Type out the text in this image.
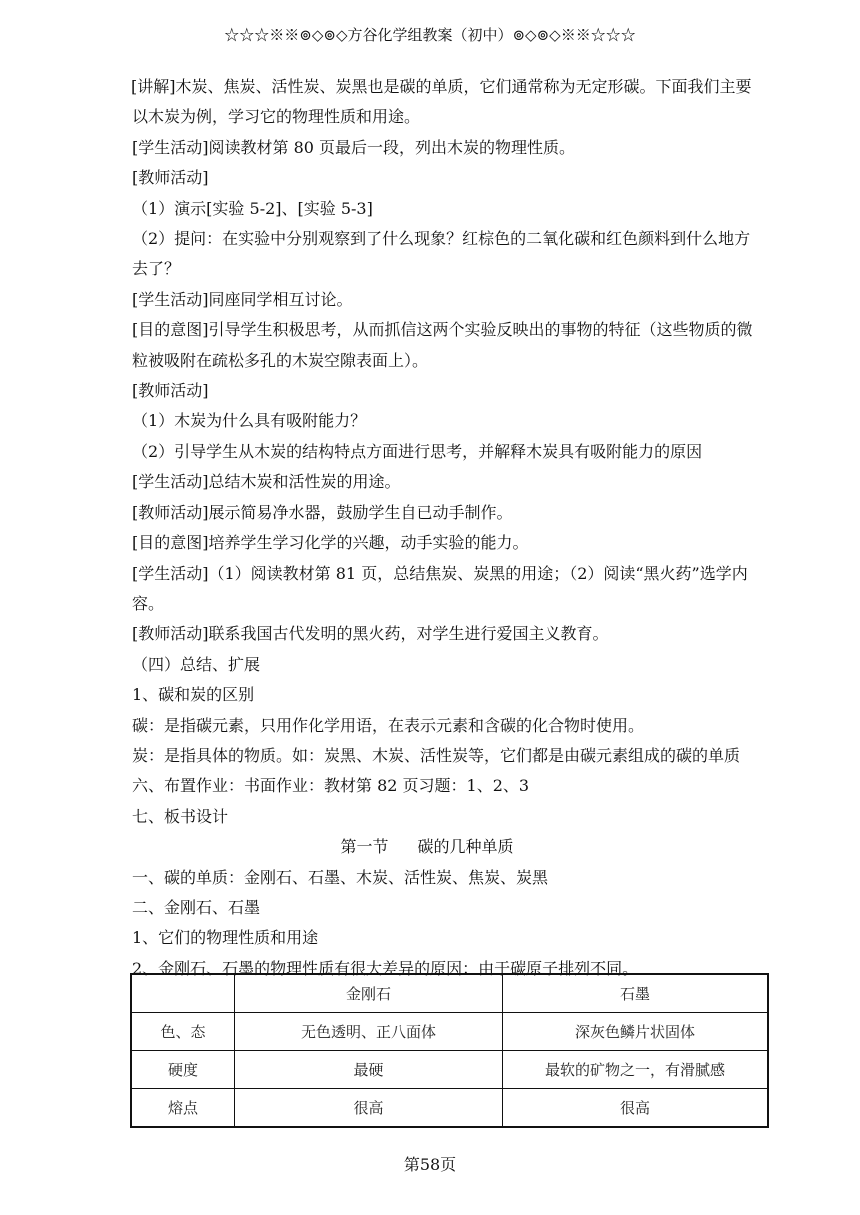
☆☆☆※※⊚◇⊚◇方谷化学组教案（初中）⊚◇⊚◇※※☆☆☆
[讲解]木炭、焦炭、活性炭、炭黑也是碳的单质，它们通常称为无定形碳。下面我们主要
以木炭为例，学习它的物理性质和用途。
[学生活动]阅读教材第 80 页最后一段，列出木炭的物理性质。
[教师活动]
（1）演示[实验 5-2]、[实验 5-3]
（2）提问：在实验中分别观察到了什么现象？红棕色的二氧化碳和红色颜料到什么地方
去了？
[学生活动]同座同学相互讨论。
[目的意图]引导学生积极思考，从而抓信这两个实验反映出的事物的特征（这些物质的微
粒被吸附在疏松多孔的木炭空隙表面上）。
[教师活动]
（1）木炭为什么具有吸附能力？
（2）引导学生从木炭的结构特点方面进行思考，并解释木炭具有吸附能力的原因
[学生活动]总结木炭和活性炭的用途。
[教师活动]展示简易净水器，鼓励学生自已动手制作。
[目的意图]培养学生学习化学的兴趣，动手实验的能力。
[学生活动]（1）阅读教材第 81 页，总结焦炭、炭黑的用途；（2）阅读“黑火药”选学内
容。
[教师活动]联系我国古代发明的黑火药，对学生进行爱国主义教育。
（四）总结、扩展
1、碳和炭的区别
碳：是指碳元素，只用作化学用语，在表示元素和含碳的化合物时使用。
炭：是指具体的物质。如：炭黑、木炭、活性炭等，它们都是由碳元素组成的碳的单质
六、布置作业：书面作业：教材第 82 页习题：1、2、3
七、板书设计
第一节 碳的几种单质
一、碳的单质：金刚石、石墨、木炭、活性炭、焦炭、炭黑
二、金刚石、石墨
1、它们的物理性质和用途
2、金刚石、石墨的物理性质有很大差异的原因：由于碳原子排列不同。
	金刚石	石墨
色、态	无色透明、正八面体	深灰色鳞片状固体
硬度	最硬	最软的矿物之一，有滑腻感
熔点	很高	很高
第58页
